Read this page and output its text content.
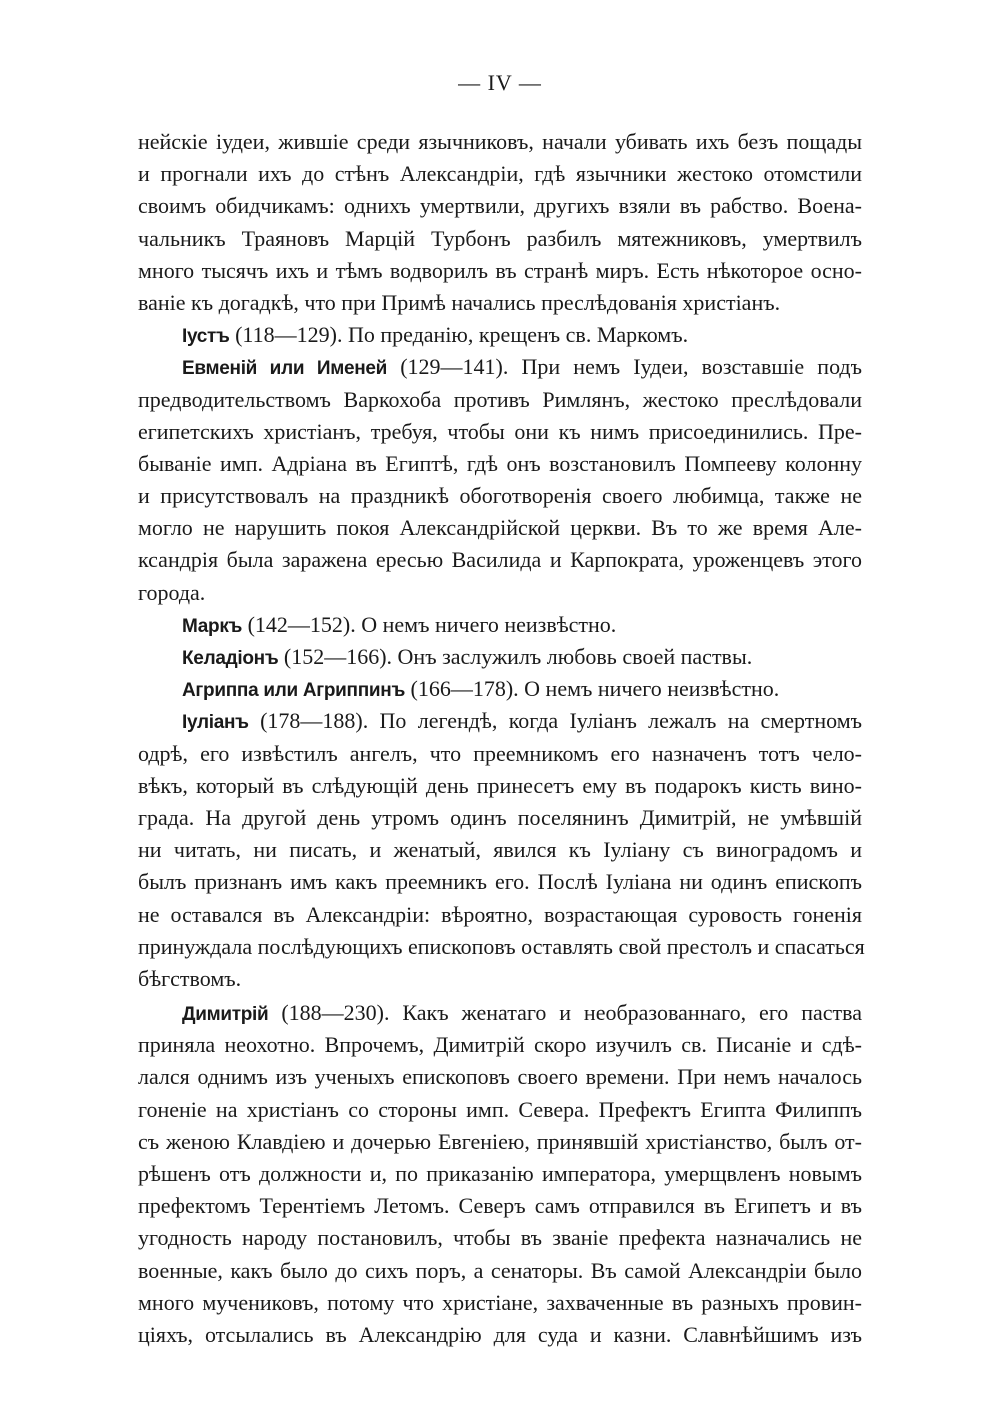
— IV —
нейскіе іудеи, жившіе среди язычниковъ, начали убивать ихъ безъ пощады
и прогнали ихъ до стѣнъ Александріи, гдѣ язычники жестоко отомстили
своимъ обидчикамъ: однихъ умертвили, другихъ взяли въ рабство. Воена-
чальникъ Траяновъ Марцій Турбонъ разбилъ мятежниковъ, умертвилъ
много тысячъ ихъ и тѣмъ водворилъ въ странѣ миръ. Есть нѣкоторое осно-
ваніе къ догадкѣ, что при Примѣ начались преслѣдованія христіанъ.
Іустъ (118—129). По преданію, крещенъ св. Маркомъ.
Евменій или Именей (129—141). При немъ Іудеи, возставшіе подъ
предводительствомъ Варкохоба противъ Римлянъ, жестоко преслѣдовали
египетскихъ христіанъ, требуя, чтобы они къ нимъ присоединились. Пре-
бываніе имп. Адріана въ Египтѣ, гдѣ онъ возстановилъ Помпееву колонну
и присутствовалъ на праздникѣ обоготворенія своего любимца, также не
могло не нарушить покоя Александрійской церкви. Въ то же время Але-
ксандрія была заражена ересью Василида и Карпократа, уроженцевъ этого
города.
Маркъ (142—152). О немъ ничего неизвѣстно.
Келадіонъ (152—166). Онъ заслужилъ любовь своей паствы.
Агриппа или Агриппинъ (166—178). О немъ ничего неизвѣстно.
Іуліанъ (178—188). По легендѣ, когда Іуліанъ лежалъ на смертномъ
одрѣ, его извѣстилъ ангелъ, что преемникомъ его назначенъ тотъ чело-
вѣкъ, который въ слѣдующій день принесетъ ему въ подарокъ кисть вино-
града. На другой день утромъ одинъ поселянинъ Димитрій, не умѣвшій
ни читать, ни писать, и женатый, явился къ Іуліану съ виноградомъ и
былъ признанъ имъ какъ преемникъ его. Послѣ Іуліана ни одинъ епископъ
не оставался въ Александріи: вѣроятно, возрастающая суровость гоненія
принуждала послѣдующихъ епископовъ оставлять свой престолъ и спасаться
бѣгствомъ.
Димитрій (188—230). Какъ женатаго и необразованнаго, его паства
приняла неохотно. Впрочемъ, Димитрій скоро изучилъ св. Писаніе и сдѣ-
лался однимъ изъ ученыхъ епископовъ своего времени. При немъ началось
гоненіе на христіанъ со стороны имп. Севера. Префектъ Египта Филиппъ
съ женою Клавдіею и дочерью Евгеніею, принявшій христіанство, былъ от-
рѣшенъ отъ должности и, по приказанію императора, умерщвленъ новымъ
префектомъ Терентіемъ Летомъ. Северъ самъ отправился въ Египетъ и въ
угодность народу постановилъ, чтобы въ званіе префекта назначались не
военные, какъ было до сихъ поръ, а сенаторы. Въ самой Александріи было
много мучениковъ, потому что христіане, захваченные въ разныхъ провин-
ціяхъ, отсылались въ Александрію для суда и казни. Славнѣйшимъ изъ
